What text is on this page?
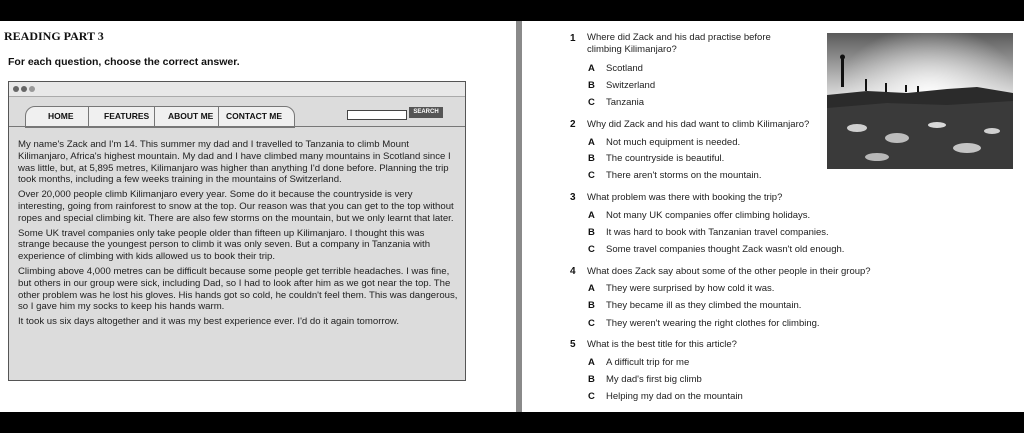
READING PART 3
For each question, choose the correct answer.
HOME	FEATURES ABOUT ME CONTACT ME	SEARCH

My name's Zack and I'm 14. This summer my dad and I travelled to Tanzania to climb Mount Kilimanjaro, Africa's highest mountain. My dad and I have climbed many mountains in Scotland since I was little, but, at 5,895 metres, Kilimanjaro was higher than anything I'd done before. Planning the trip took months, including a few weeks training in the mountains of Switzerland.

Over 20,000 people climb Kilimanjaro every year. Some do it because the countryside is very interesting, going from rainforest to snow at the top. Our reason was that you can get to the top without ropes and special climbing kit. There are also few storms on the mountain, but we only learnt that later.

Some UK travel companies only take people older than fifteen up Kilimanjaro. I thought this was strange because the youngest person to climb it was only seven. But a company in Tanzania with experience of climbing with kids allowed us to book their trip.

Climbing above 4,000 metres can be difficult because some people get terrible headaches. I was fine, but others in our group were sick, including Dad, so I had to look after him as we got near the top. The other problem was he lost his gloves. His hands got so cold, he couldn't feel them. This was dangerous, so I gave him my socks to keep his hands warm.

It took us six days altogether and it was my best experience ever. I'd do it again tomorrow.

1 Where did Zack and his dad practise before climbing Kilimanjaro?
A Scotland
B Switzerland
C Tanzania
2 Why did Zack and his dad want to climb Kilimanjaro?
A Not much equipment is needed.
B The countryside is beautiful.
C There aren't storms on the mountain.
3 What problem was there with booking the trip?
A Not many UK companies offer climbing holidays.
B It was hard to book with Tanzanian travel companies.
C Some travel companies thought Zack wasn't old enough.
4 What does Zack say about some of the other people in their group?
A They were surprised by how cold it was.
B They became ill as they climbed the mountain.
C They weren't wearing the right clothes for climbing.
5 What is the best title for this article?
A A difficult trip for me
B My dad's first big climb
C Helping my dad on the mountain
